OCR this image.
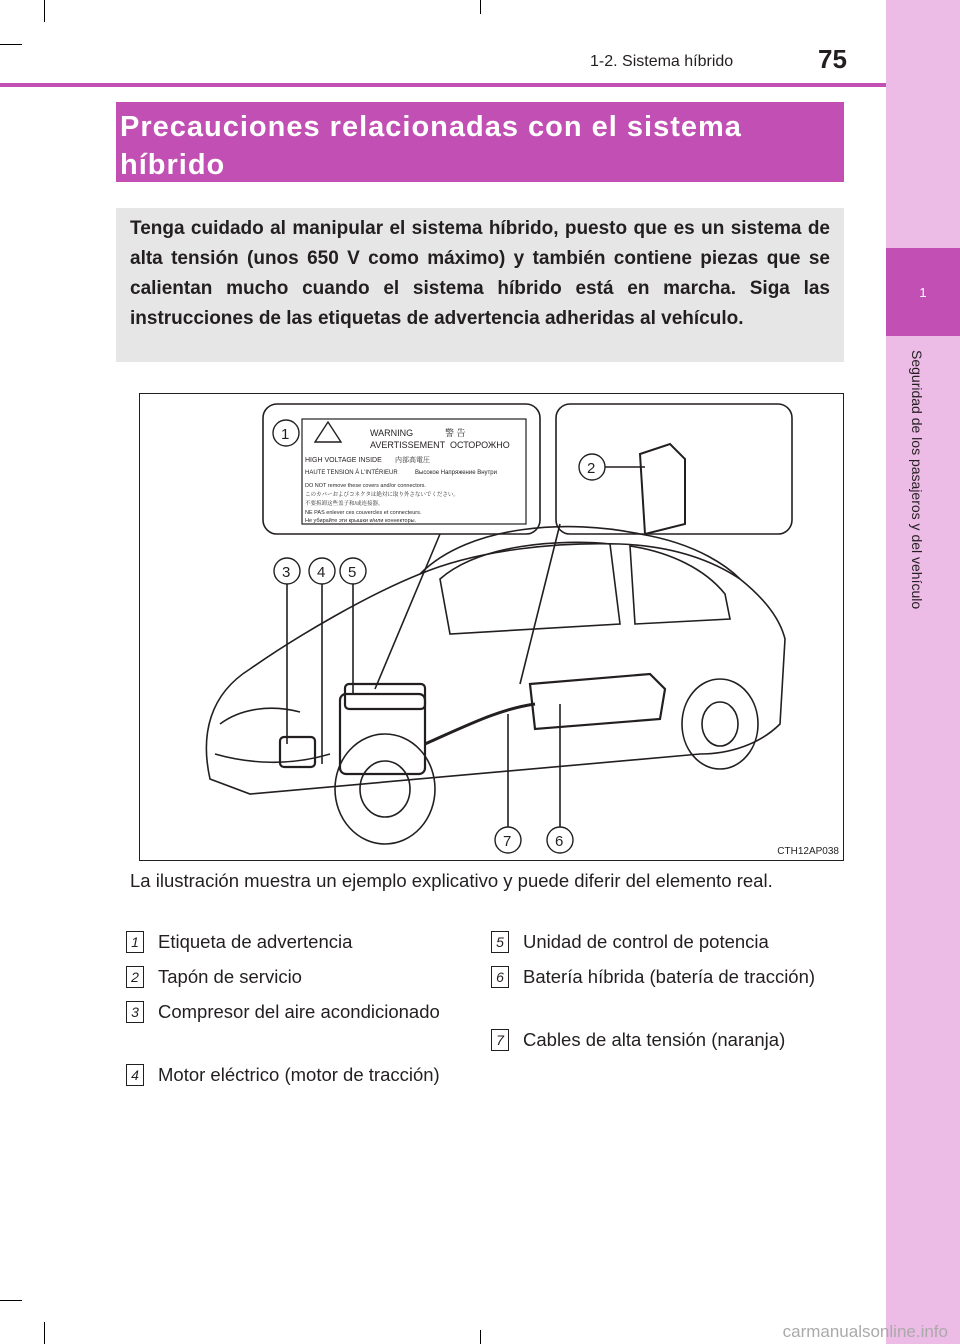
1
Seguridad de los pasajeros y del vehículo
1-2. Sistema híbrido	75
Precauciones relacionadas con el sistema híbrido
Tenga cuidado al manipular el sistema híbrido, puesto que es un sistema de alta tensión (unos 650 V como máximo) y también contiene piezas que se calientan mucho cuando el sistema híbrido está en marcha. Siga las instrucciones de las etiquetas de advertencia adheridas al vehículo.
WARNING	警 告
AVERTISSEMENT ОСТОРОЖНО
HIGH VOLTAGE INSIDE 内部高電圧
HAUTE TENSION À L'INTÉRIEUR	Высокое Напряжение Внутри
DO NOT remove these covers and/or connectors.
このカバーおよびコネクタは絶対に取り外さないでください。
不要拆卸这些盖子和/或连接器。
NE PAS enlever ces couvercles et connecteurs.
Не убирайте эти крышки и/или коннекторы.
1
2
3 4 5
6
7
CTH12AP038
La ilustración muestra un ejemplo explicativo y puede diferir del elemento real.
1 Etiqueta de advertencia
2 Tapón de servicio
3 Compresor del aire acondicionado
4 Motor eléctrico (motor de tracción)
5 Unidad de control de potencia
6 Batería híbrida (batería de tracción)
7 Cables de alta tensión (naranja)
carmanualsonline.info
